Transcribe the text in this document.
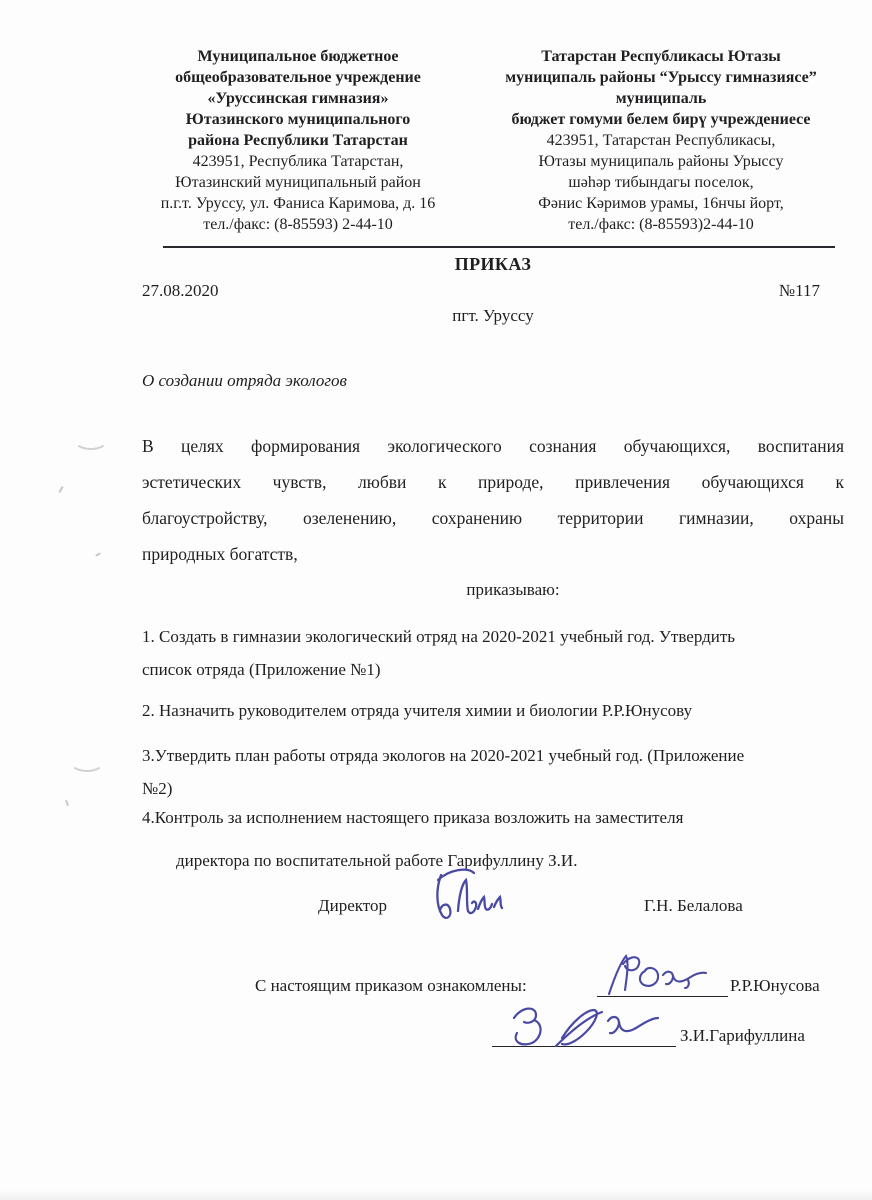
Муниципальное бюджетное
общеобразовательное учреждение
«Уруссинская гимназия»
Ютазинского муниципального
района Республики Татарстан
423951, Республика Татарстан,
Ютазинский муниципальный район
п.г.т. Уруссу, ул. Фаниса Каримова, д. 16
тел./факс: (8-85593) 2-44-10
Татарстан Республикасы Ютазы
муниципаль районы “Урыссу гимназиясе”
муниципаль
бюджет гомуми белем бирү учреждениесе
423951, Татарстан Республикасы,
Ютазы муниципаль районы Урыссу
шәһәр тибындагы поселок,
Фәнис Кәримов урамы, 16нчы йорт,
тел./факс: (8-85593)2-44-10
ПРИКАЗ
27.08.2020	№117
пгт. Уруссу
О создании отряда экологов
В целях формирования экологического сознания обучающихся, воспитания
эстетических чувств, любви к природе, привлечения обучающихся к
благоустройству, озеленению, сохранению территории гимназии, охраны
природных богатств,
приказываю:
1. Создать в гимназии экологический отряд на 2020-2021 учебный год. Утвердить
список отряда (Приложение №1)
2. Назначить руководителем отряда учителя химии и биологии Р.Р.Юнусову
3.Утвердить план работы отряда экологов на 2020-2021 учебный год. (Приложение
№2)
4.Контроль за исполнением настоящего приказа возложить на заместителя
директора по воспитательной работе Гарифуллину З.И.
Директор	Г.Н. Белалова
С настоящим приказом ознакомлены:	Р.Р.Юнусова
З.И.Гарифуллина
